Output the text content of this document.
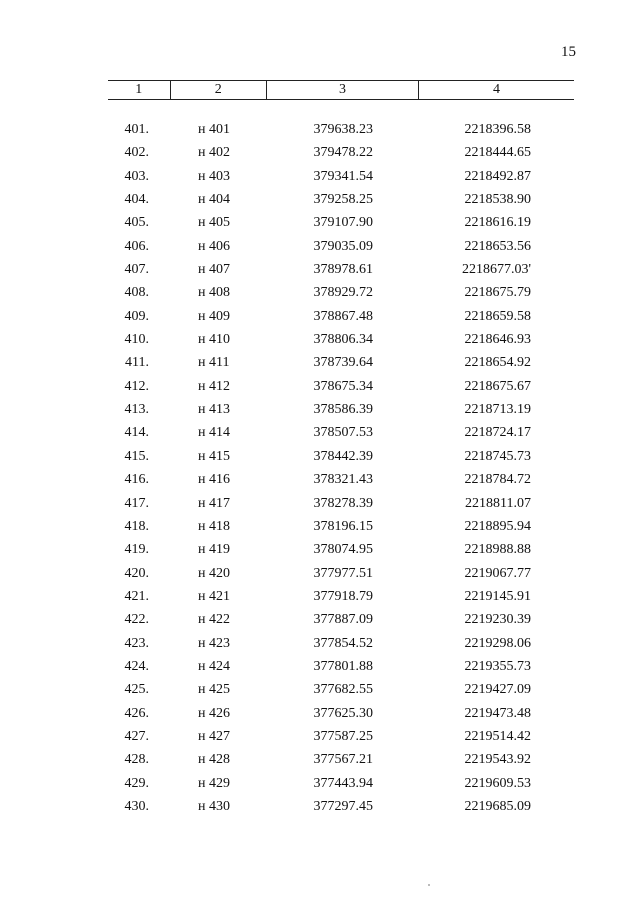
15
1	2	3	4
401.	н 401	379638.23	2218396.58
402.	н 402	379478.22	2218444.65
403.	н 403	379341.54	2218492.87
404.	н 404	379258.25	2218538.90
405.	н 405	379107.90	2218616.19
406.	н 406	379035.09	2218653.56
407.	н 407	378978.61	2218677.03'
408.	н 408	378929.72	2218675.79
409.	н 409	378867.48	2218659.58
410.	н 410	378806.34	2218646.93
411.	н 411	378739.64	2218654.92
412.	н 412	378675.34	2218675.67
413.	н 413	378586.39	2218713.19
414.	н 414	378507.53	2218724.17
415.	н 415	378442.39	2218745.73
416.	н 416	378321.43	2218784.72
417.	н 417	378278.39	2218811.07
418.	н 418	378196.15	2218895.94
419.	н 419	378074.95	2218988.88
420.	н 420	377977.51	2219067.77
421.	н 421	377918.79	2219145.91
422.	н 422	377887.09	2219230.39
423.	н 423	377854.52	2219298.06
424.	н 424	377801.88	2219355.73
425.	н 425	377682.55	2219427.09
426.	н 426	377625.30	2219473.48
427.	н 427	377587.25	2219514.42
428.	н 428	377567.21	2219543.92
429.	н 429	377443.94	2219609.53
430.	н 430	377297.45	2219685.09
